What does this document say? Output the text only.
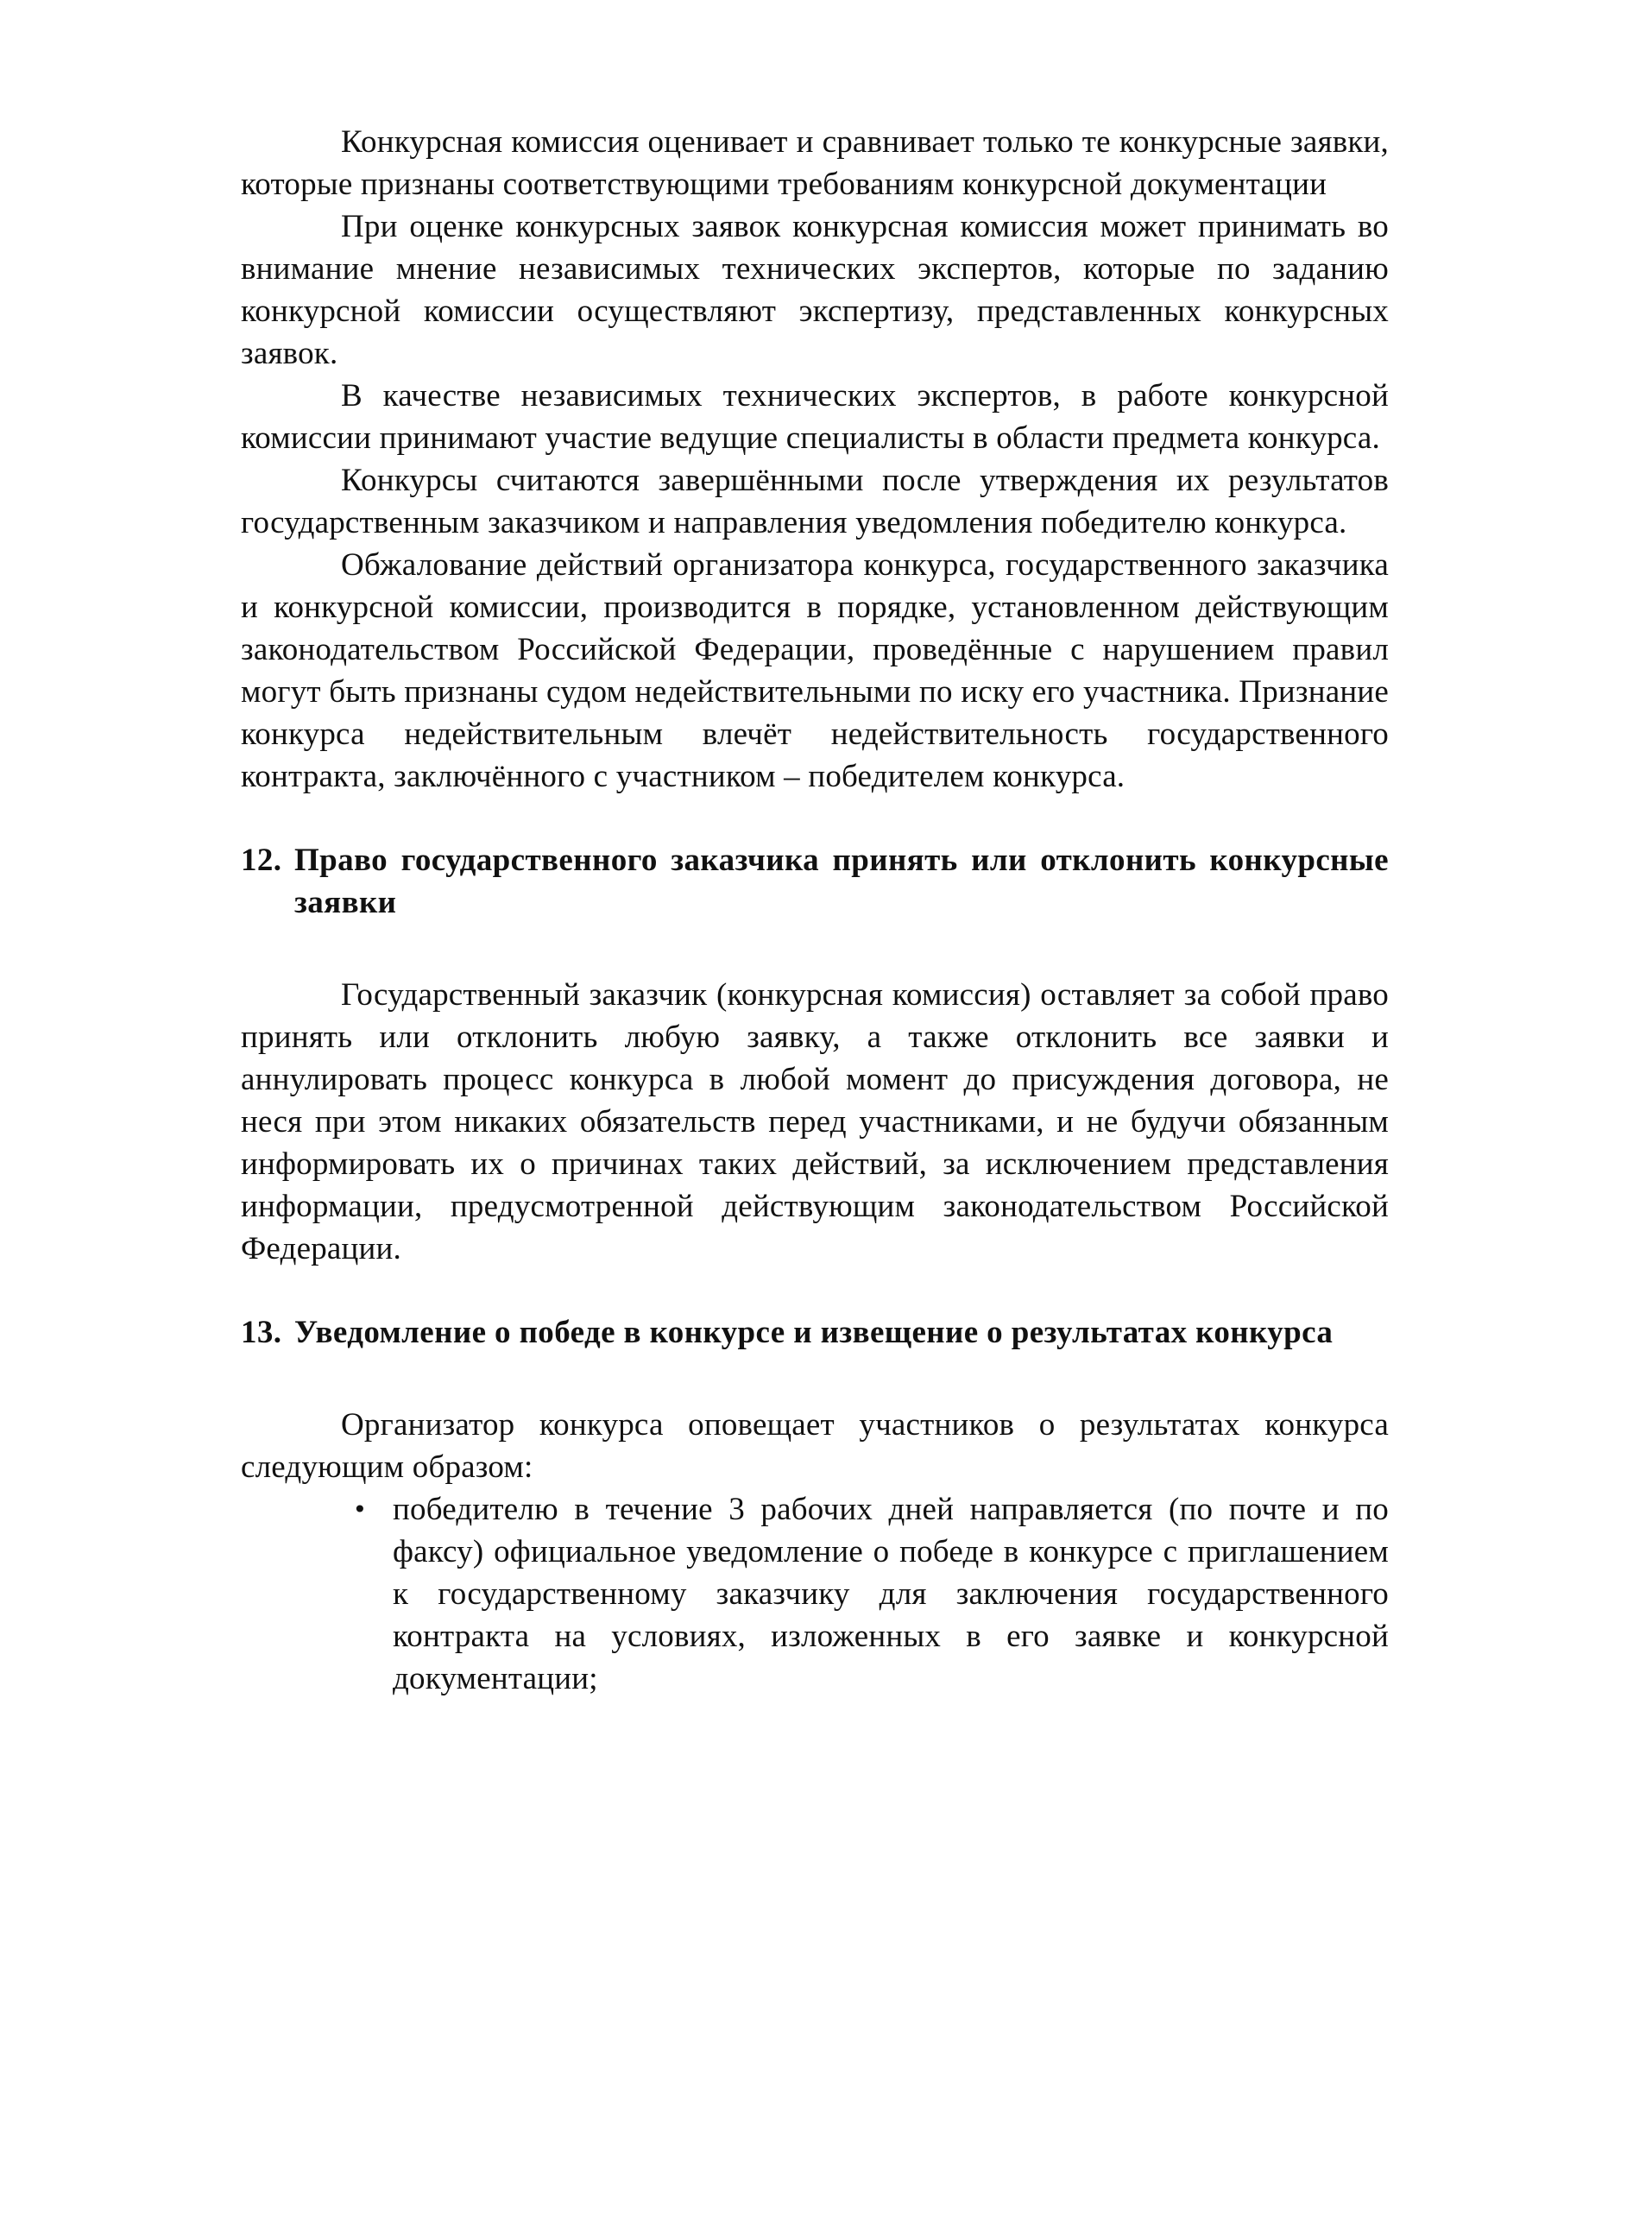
Конкурсная комиссия оценивает и сравнивает только те конкурсные заявки, которые признаны соответствующими требованиям конкурсной документации

При оценке конкурсных заявок конкурсная комиссия может принимать во внимание мнение независимых технических экспертов, которые по заданию конкурсной комиссии осуществляют экспертизу, представленных конкурсных заявок.

В качестве независимых технических экспертов, в работе конкурсной комиссии принимают участие ведущие специалисты в области предмета конкурса.

Конкурсы считаются завершёнными после утверждения их результатов государственным заказчиком и направления уведомления победителю конкурса.

Обжалование действий организатора конкурса, государственного заказчика и конкурсной комиссии, производится в порядке, установленном действующим законодательством Российской Федерации, проведённые с нарушением правил могут быть признаны судом недействительными по иску его участника. Признание конкурса недействительным влечёт недействительность государственного контракта, заключённого с участником – победителем конкурса.

12. Право государственного заказчика принять или отклонить конкурсные заявки

Государственный заказчик (конкурсная комиссия) оставляет за собой право принять или отклонить любую заявку, а также отклонить все заявки и аннулировать процесс конкурса в любой момент до присуждения договора, не неся при этом никаких обязательств перед участниками, и не будучи обязанным информировать их о причинах таких действий, за исключением представления информации, предусмотренной действующим законодательством Российской Федерации.

13. Уведомление о победе в конкурсе и извещение о результатах конкурса

Организатор конкурса оповещает участников о результатах конкурса следующим образом:

• победителю в течение 3 рабочих дней направляется (по почте и по факсу) официальное уведомление о победе в конкурсе с приглашением к государственному заказчику для заключения государственного контракта на условиях, изложенных в его заявке и конкурсной документации;
